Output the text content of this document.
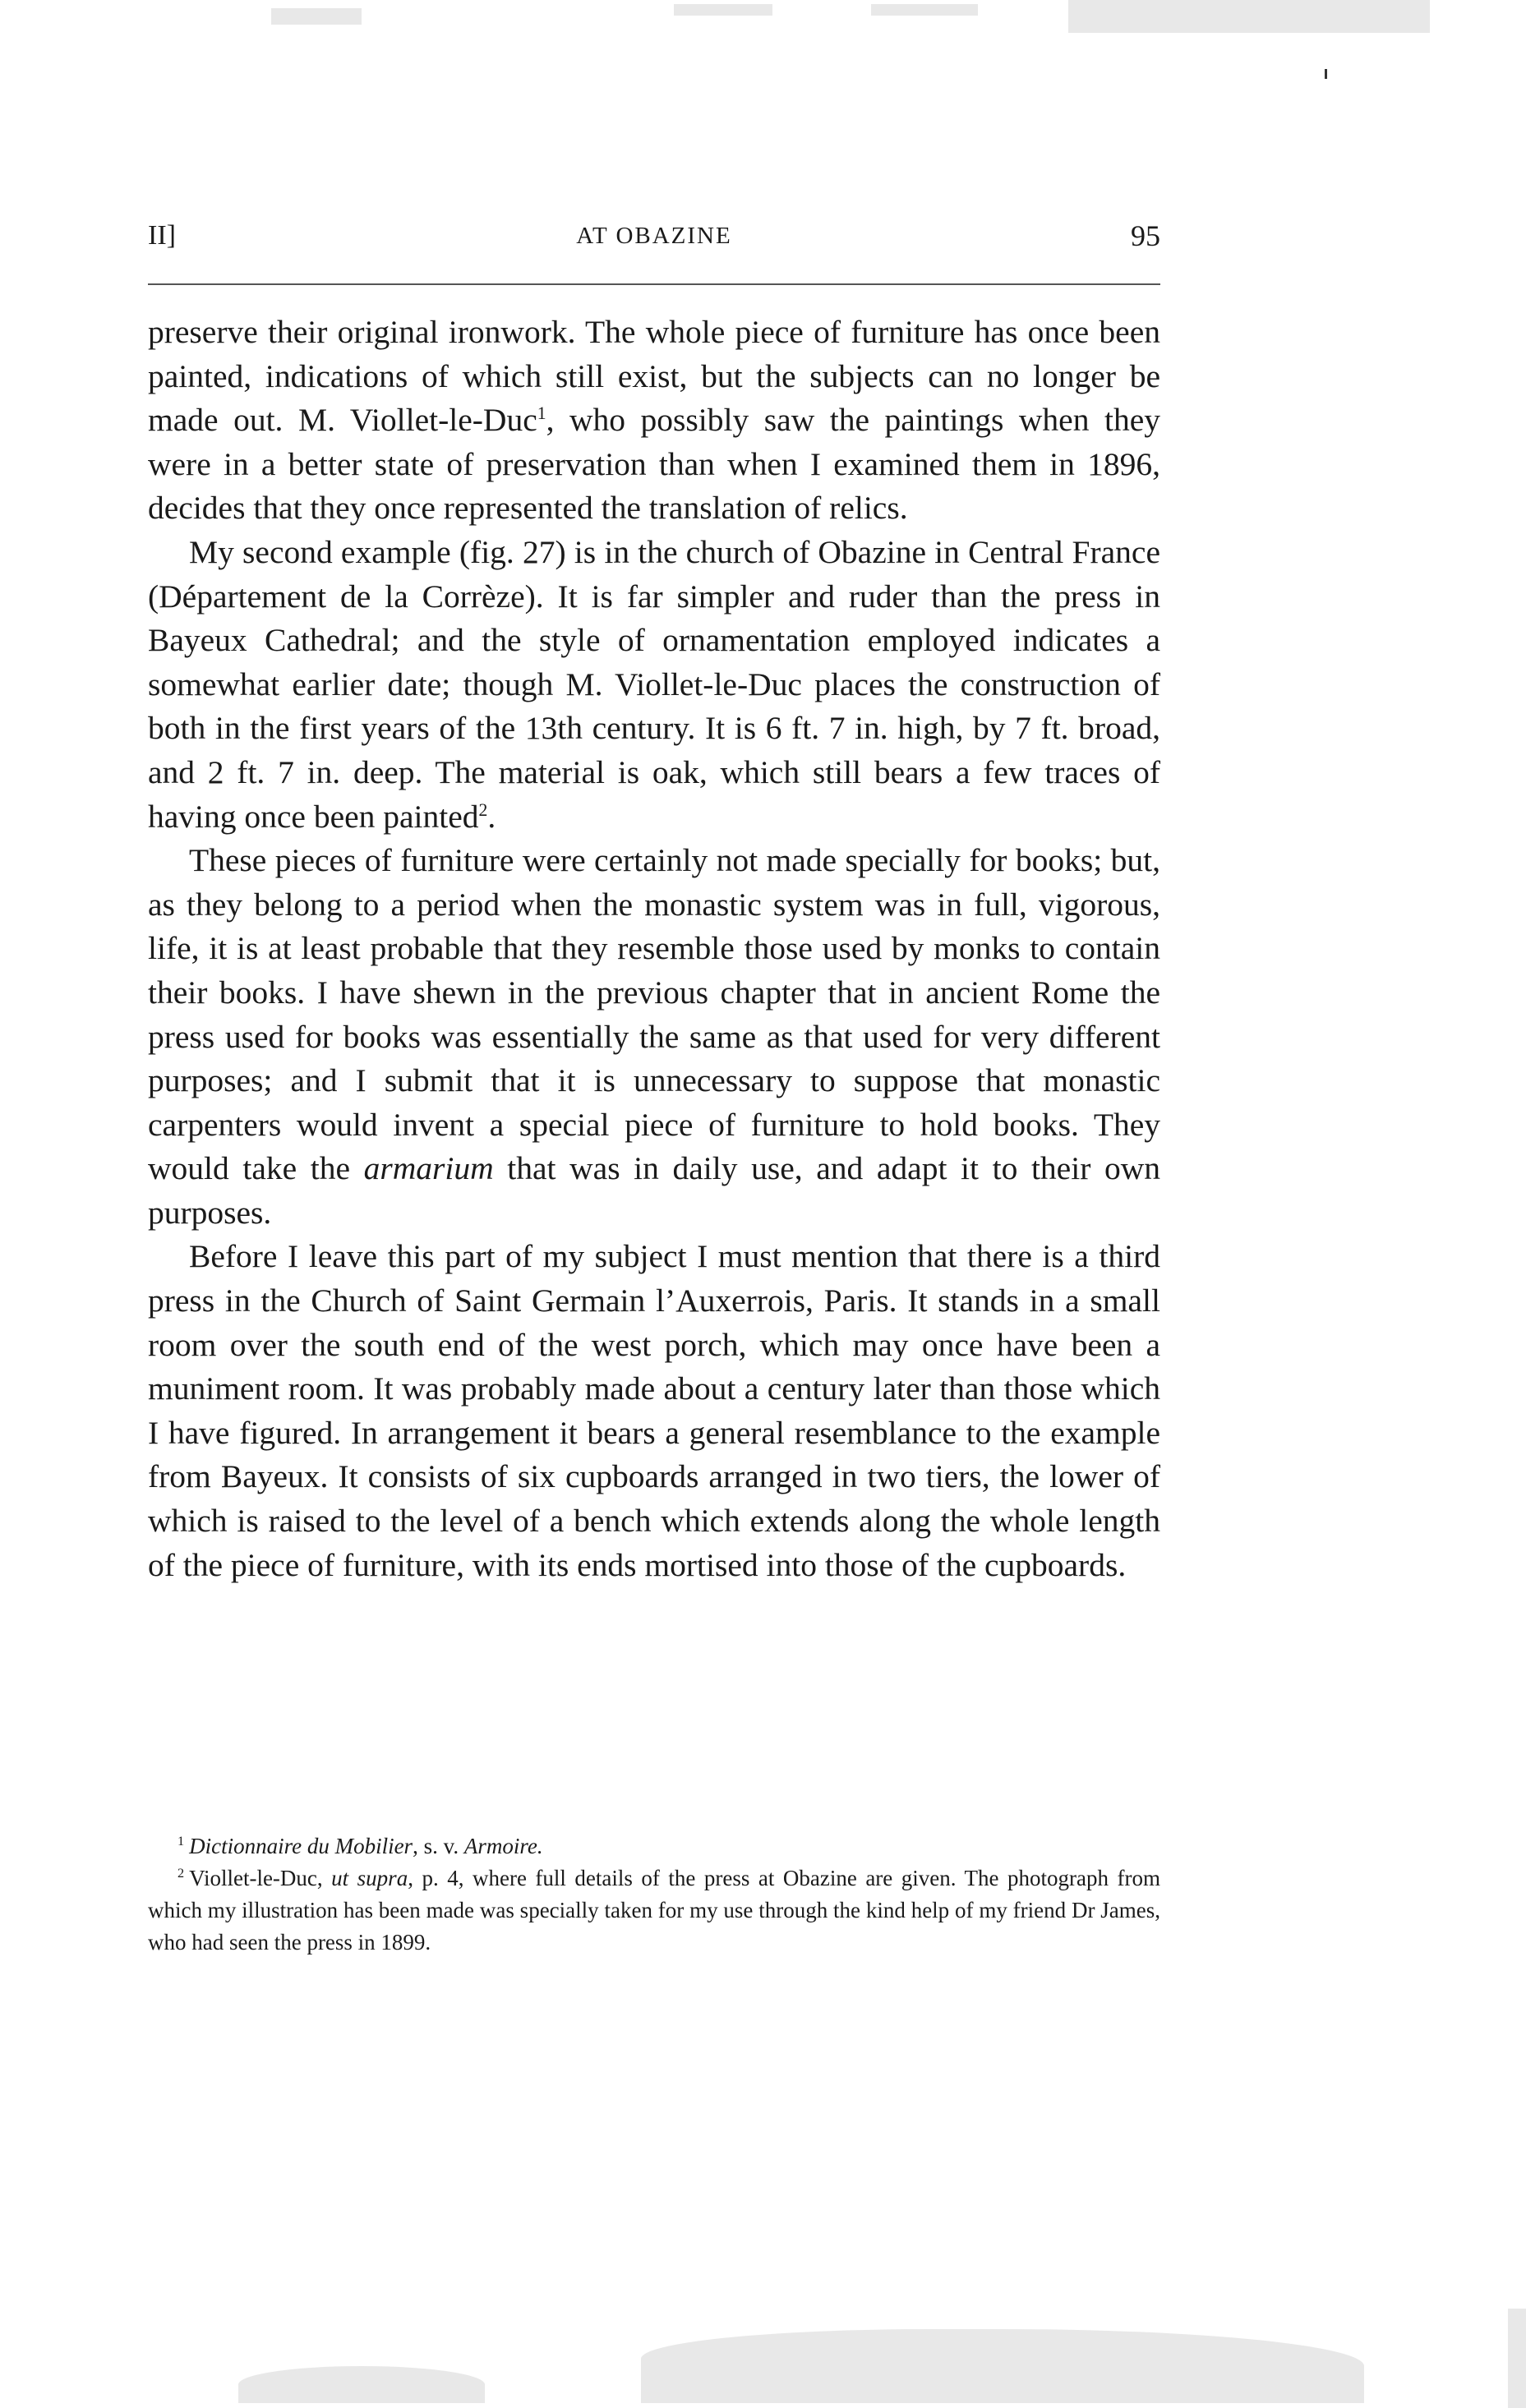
II]	AT OBAZINE	95

preserve their original ironwork. The whole piece of furniture has once been painted, indications of which still exist, but the subjects can no longer be made out. M. Viollet-le-Duc$^1$, who possibly saw the paintings when they were in a better state of preservation than when I examined them in 1896, decides that they once represented the translation of relics.

My second example (fig. 27) is in the church of Obazine in Central France (Département de la Corrèze). It is far simpler and ruder than the press in Bayeux Cathedral; and the style of ornamentation employed indicates a somewhat earlier date; though M. Viollet-le-Duc places the construction of both in the first years of the 13th century. It is 6 ft. 7 in. high, by 7 ft. broad, and 2 ft. 7 in. deep. The material is oak, which still bears a few traces of having once been painted$^2$.

These pieces of furniture were certainly not made specially for books; but, as they belong to a period when the monastic system was in full, vigorous, life, it is at least probable that they resemble those used by monks to contain their books. I have shewn in the previous chapter that in ancient Rome the press used for books was essentially the same as that used for very different purposes; and I submit that it is unnecessary to suppose that monastic carpenters would invent a special piece of furniture to hold books. They would take the armarium that was in daily use, and adapt it to their own purposes.

Before I leave this part of my subject I must mention that there is a third press in the Church of Saint Germain l’Auxerrois, Paris. It stands in a small room over the south end of the west porch, which may once have been a muniment room. It was probably made about a century later than those which I have figured. In arrangement it bears a general resemblance to the example from Bayeux. It consists of six cupboards arranged in two tiers, the lower of which is raised to the level of a bench which extends along the whole length of the piece of furniture, with its ends mortised into those of the cupboards.

$^1$ Dictionnaire du Mobilier, s. v. Armoire.

$^2$ Viollet-le-Duc, ut supra, p. 4, where full details of the press at Obazine are given. The photograph from which my illustration has been made was specially taken for my use through the kind help of my friend Dr James, who had seen the press in 1899.
